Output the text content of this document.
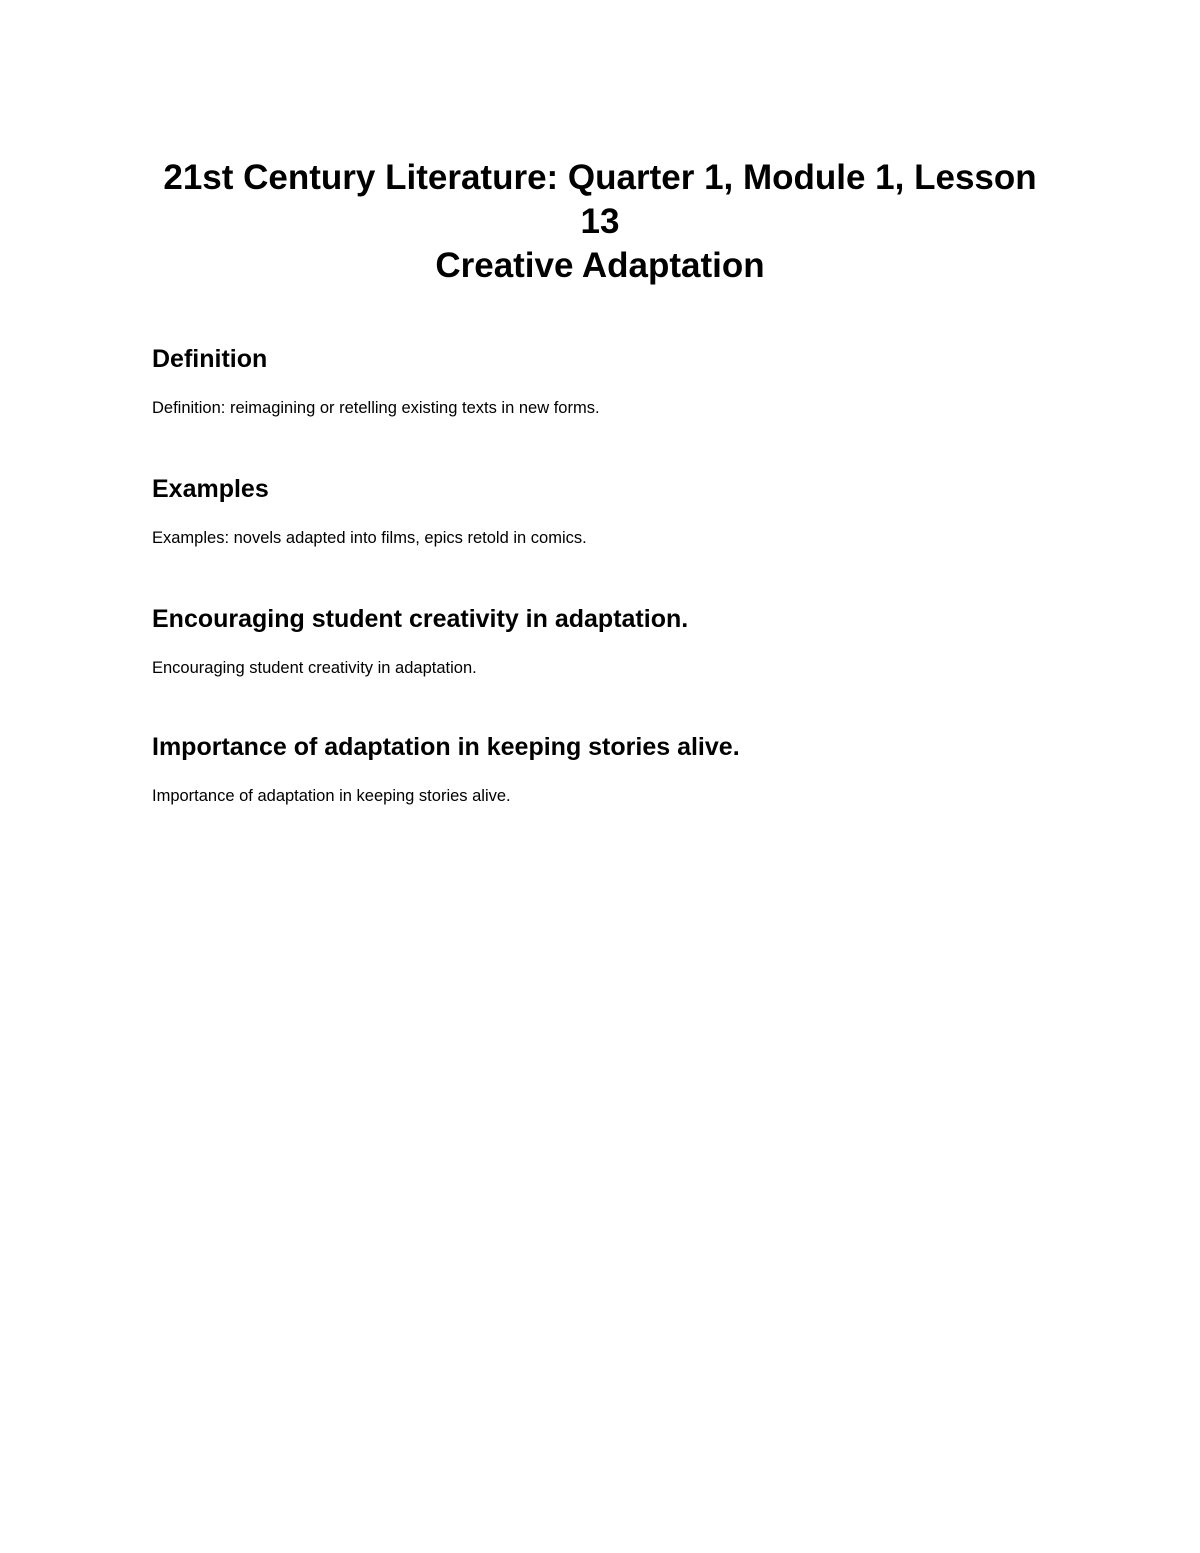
21st Century Literature: Quarter 1, Module 1, Lesson
13
Creative Adaptation
Definition

Definition: reimagining or retelling existing texts in new forms.

Examples

Examples: novels adapted into films, epics retold in comics.

Encouraging student creativity in adaptation.

Encouraging student creativity in adaptation.

Importance of adaptation in keeping stories alive.

Importance of adaptation in keeping stories alive.
